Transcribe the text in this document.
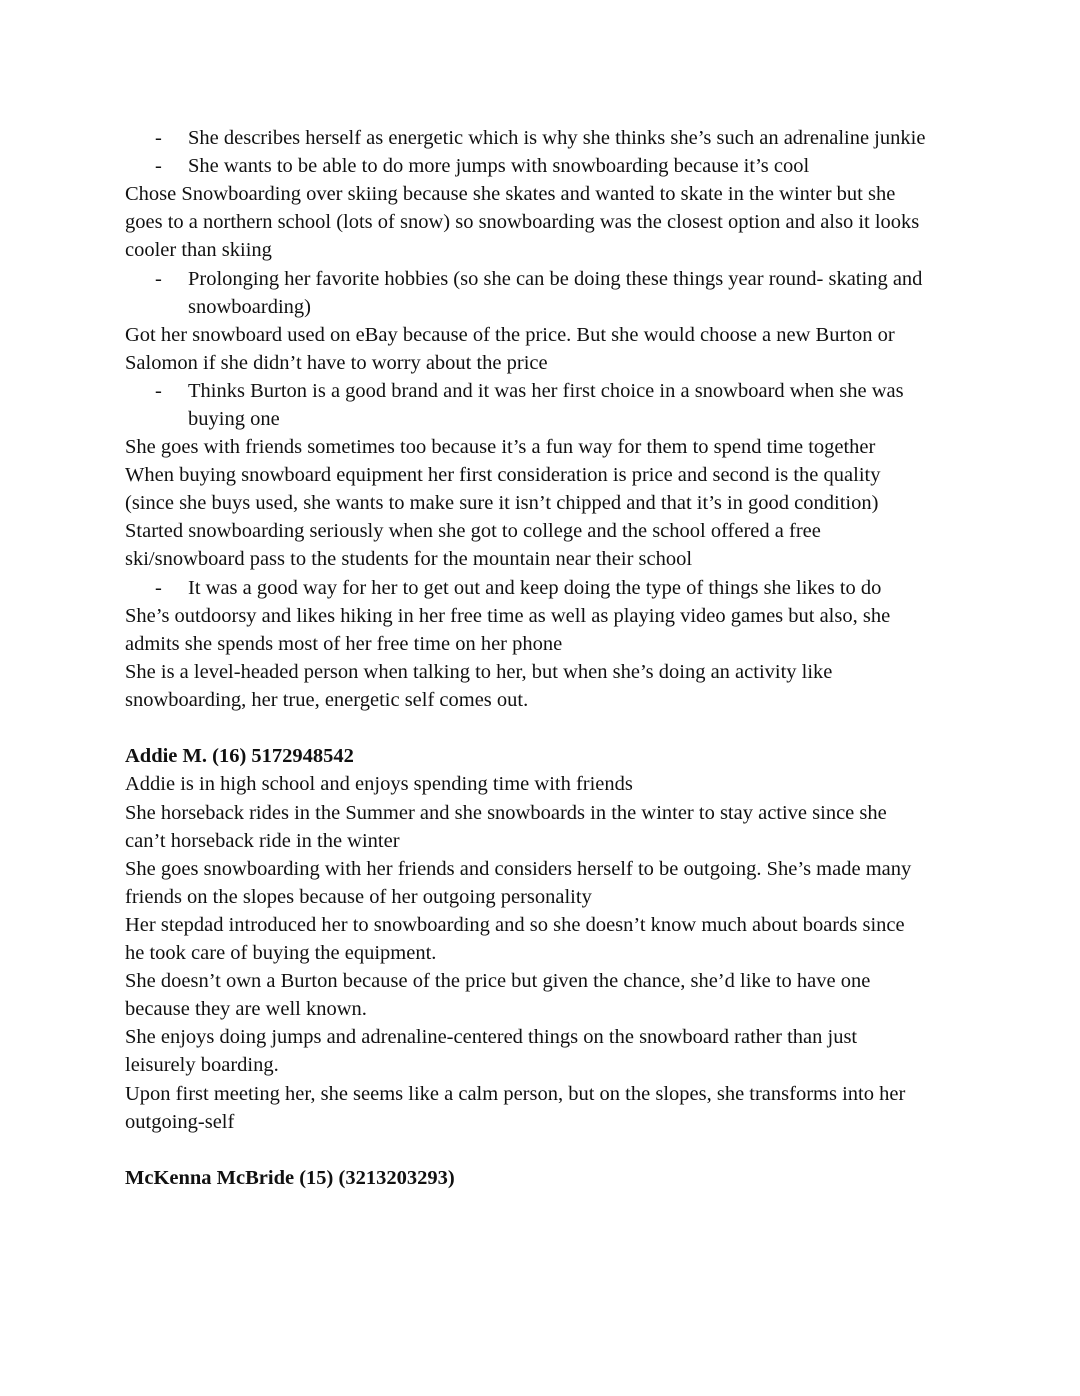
- She describes herself as energetic which is why she thinks she’s such an adrenaline junkie
- She wants to be able to do more jumps with snowboarding because it’s cool
Chose Snowboarding over skiing because she skates and wanted to skate in the winter but she
goes to a northern school (lots of snow) so snowboarding was the closest option and also it looks
cooler than skiing
- Prolonging her favorite hobbies (so she can be doing these things year round- skating and
snowboarding)
Got her snowboard used on eBay because of the price. But she would choose a new Burton or
Salomon if she didn’t have to worry about the price
- Thinks Burton is a good brand and it was her first choice in a snowboard when she was
buying one
She goes with friends sometimes too because it’s a fun way for them to spend time together
When buying snowboard equipment her first consideration is price and second is the quality
(since she buys used, she wants to make sure it isn’t chipped and that it’s in good condition)
Started snowboarding seriously when she got to college and the school offered a free
ski/snowboard pass to the students for the mountain near their school
- It was a good way for her to get out and keep doing the type of things she likes to do
She’s outdoorsy and likes hiking in her free time as well as playing video games but also, she
admits she spends most of her free time on her phone
She is a level-headed person when talking to her, but when she’s doing an activity like
snowboarding, her true, energetic self comes out.
Addie M. (16) 5172948542
Addie is in high school and enjoys spending time with friends
She horseback rides in the Summer and she snowboards in the winter to stay active since she
can’t horseback ride in the winter
She goes snowboarding with her friends and considers herself to be outgoing. She’s made many
friends on the slopes because of her outgoing personality
Her stepdad introduced her to snowboarding and so she doesn’t know much about boards since
he took care of buying the equipment.
She doesn’t own a Burton because of the price but given the chance, she’d like to have one
because they are well known.
She enjoys doing jumps and adrenaline-centered things on the snowboard rather than just
leisurely boarding.
Upon first meeting her, she seems like a calm person, but on the slopes, she transforms into her
outgoing-self
McKenna McBride (15) (3213203293)
